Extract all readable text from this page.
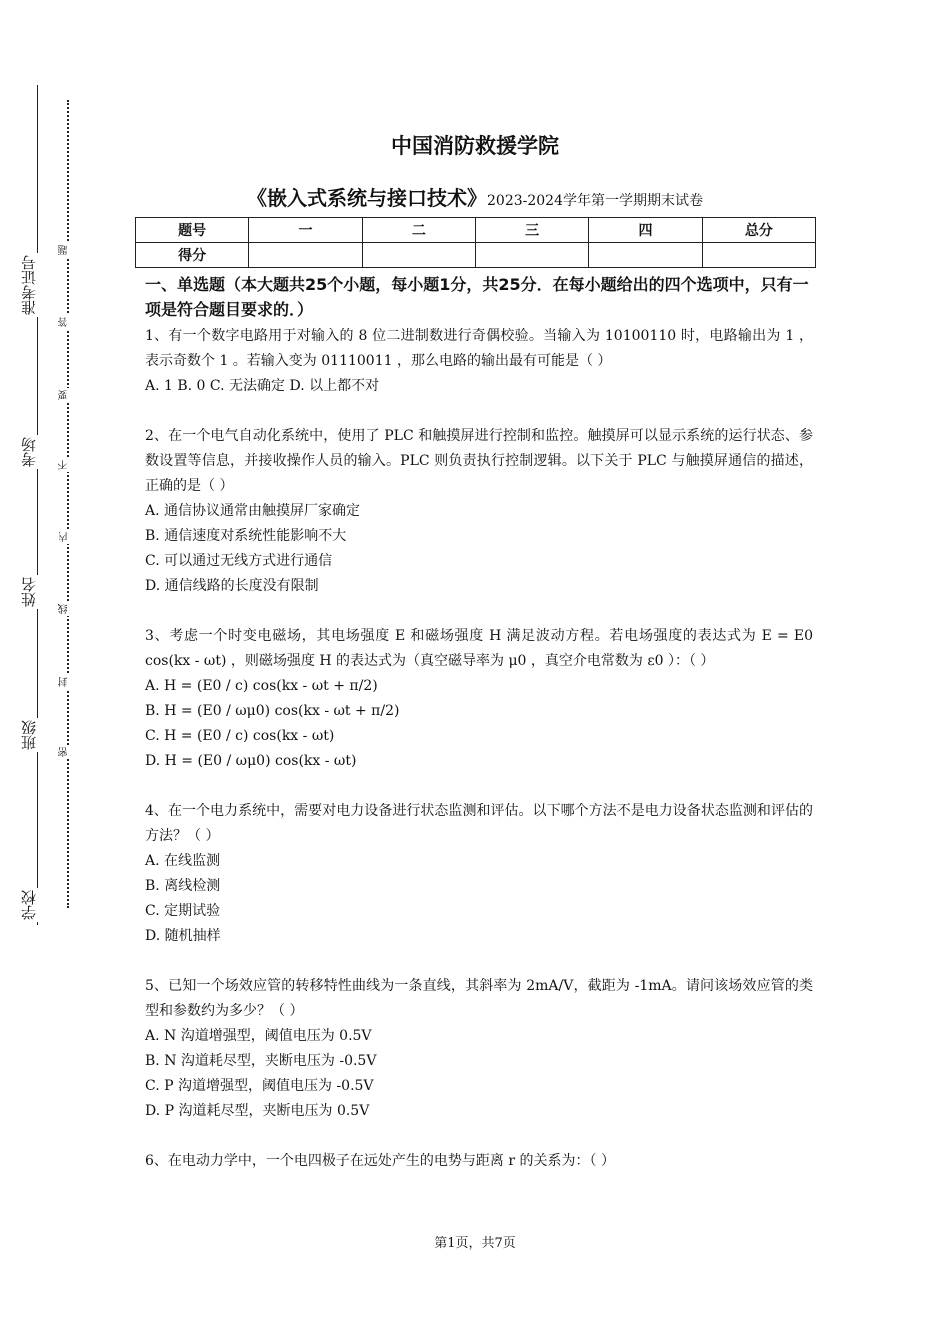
准考证号
考场
姓名
班级
学校
题
答
要
不
内
线
封
密
中国消防救援学院
《嵌入式系统与接口技术》2023-2024学年第一学期期末试卷
题号	一	二	三	四	总分
得分					

一、单选题（本大题共25个小题，每小题1分，共25分．在每小题给出的四个选项中，只有一项是符合题目要求的．）

1、有一个数字电路用于对输入的 8 位二进制数进行奇偶校验。当输入为 10100110 时，电路输出为 1 ，表示奇数个 1 。若输入变为 01110011 ，那么电路的输出最有可能是（ ）

A. 1 B. 0 C. 无法确定 D. 以上都不对

2、在一个电气自动化系统中，使用了 PLC 和触摸屏进行控制和监控。触摸屏可以显示系统的运行状态、参数设置等信息，并接收操作人员的输入。PLC 则负责执行控制逻辑。以下关于 PLC 与触摸屏通信的描述，正确的是（ ）

A. 通信协议通常由触摸屏厂家确定

B. 通信速度对系统性能影响不大

C. 可以通过无线方式进行通信

D. 通信线路的长度没有限制

3、考虑一个时变电磁场，其电场强度 E 和磁场强度 H 满足波动方程。若电场强度的表达式为 E = E0 cos(kx - ωt) ，则磁场强度 H 的表达式为（真空磁导率为 μ0 ，真空介电常数为 ε0 ）：（ ）

A. H = (E0 / c) cos(kx - ωt + π/2)

B. H = (E0 / ωμ0) cos(kx - ωt + π/2)

C. H = (E0 / c) cos(kx - ωt)

D. H = (E0 / ωμ0) cos(kx - ωt)

4、在一个电力系统中，需要对电力设备进行状态监测和评估。以下哪个方法不是电力设备状态监测和评估的方法？（ ）

A. 在线监测

B. 离线检测

C. 定期试验

D. 随机抽样

5、已知一个场效应管的转移特性曲线为一条直线，其斜率为 2mA/V，截距为 -1mA。请问该场效应管的类型和参数约为多少？（ ）

A. N 沟道增强型，阈值电压为 0.5V

B. N 沟道耗尽型，夹断电压为 -0.5V

C. P 沟道增强型，阈值电压为 -0.5V

D. P 沟道耗尽型，夹断电压为 0.5V

6、在电动力学中，一个电四极子在远处产生的电势与距离 r 的关系为：（ ）

第1页，共7页
